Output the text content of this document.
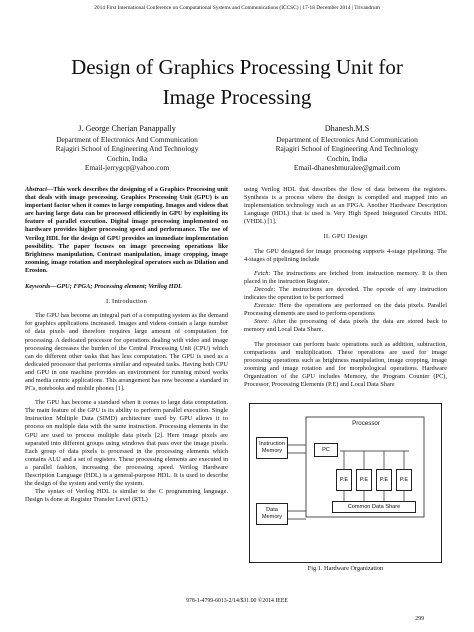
2014 First International Conference on Computational Systems and Communications (ICCSC) | 17-18 December 2014 | Trivandrum
Design of Graphics Processing Unit for
Image Processing
J. George Cherian Panappally
Department of Electronics And Communication
Rajagiri School of Engineering And Technology
Cochin, India
Email-jerrygcp@yahoo.com
Dhanesh.M.S
Department of Electronics And Communication
Rajagiri School of Engineering And Technology
Cochin, India
Email-dhaneshmuralee@gmail.com

Abstract—This work describes the designing of a Graphics Processing unit that deals with image processing. Graphics Processing Unit (GPU) is an important factor when it comes to large computing. Images and videos that are having large data can be processed efficiently in GPU by exploiting its feature of parallel execution. Digital image processing implemented on hardware provides higher processing speed and performance. The use of Verilog HDL for the design of GPU provides an immediate implementation possibility. The paper focuses on image processing operations like Brightness manipulation, Contrast manipulation, image cropping, image zooming, image rotation and morphological operators such as Dilation and Erosion.

Keywords—GPU; FPGA; Processing element; Verilog HDL

I. Introduction

The GPU has become an integral part of a computing system as the demand for graphics applications increased. Images and videos contain a large number of data pixels and therefore requires large amount of computation for processing. A dedicated processor for operations dealing with video and image processing decreases the burden of the Central Processing Unit (CPU) which can do different other tasks that has less computation. The GPU is used as a dedicated processor that performs similar and repeated tasks. Having both CPU and GPU in one machine provides an environment for running mixed works and media centric applications. This arrangement has now become a standard in PCs, notebooks and mobile phones [1].

The GPU has become a standard when it comes to large data computation. The main feature of the GPU is its ability to perform parallel execution. Single Instruction Multiple Data (SIMD) architecture used by GPU allows it to process on multiple data with the same instruction. Processing elements in the GPU are used to process multiple data pixels [2]. Here image pixels are separated into different groups using windows that pass over the image pixels. Each group of data pixels is processed in the processing elements which contains ALU and a set of registers. These processing elements are executed in a parallel fashion, increasing the processing speed. Verilog Hardware Description Language (HDL) is a general-purpose HDL. It is used to describe the design of the system and verify the system.

The syntax of Verilog HDL is similar to the C programming language. Design is done at Register Transfer Level (RTL)

using Verilog HDL that describes the flow of data between the registers. Synthesis is a process where the design is compiled and mapped into an implementation technology such as an FPGA. Another Hardware Description Language (HDL) that is used is Very High Speed Integrated Circuits HDL (VHDL) [1].

II. GPU Design

The GPU designed for image processing supports 4-stage pipelining. The 4-stages of pipelining include

Fetch: The instructions are fetched from instruction memory. It is then placed in the instruction Register.

Decode: The instructions are decoded. The opcode of any instruction indicates the operation to be performed

Execute: Here the operations are performed on the data pixels. Parallel Processing elements are used to perform operations

Store: After the processing of data pixels the data are stored back to memory and Local Data Share.

The processor can perform basic operations such as addition, subtraction, comparisons and multiplication. These operations are used for image processing operations such as brightness manipulation, image cropping, image zooming and image rotation and for morphological operations. Hardware Organization of the GPU includes Memory, the Program Counter (PC), Processor, Processing Elements (P.E) and Local Data Share

Processor
Instruction Memory	PC
P.E	P.E	P.E	P.E
Data Memory
Common Data Share
Fig.1. Hardware Organization
978-1-4799-6013-2/14/$31.00 ©2014 IEEE
299
